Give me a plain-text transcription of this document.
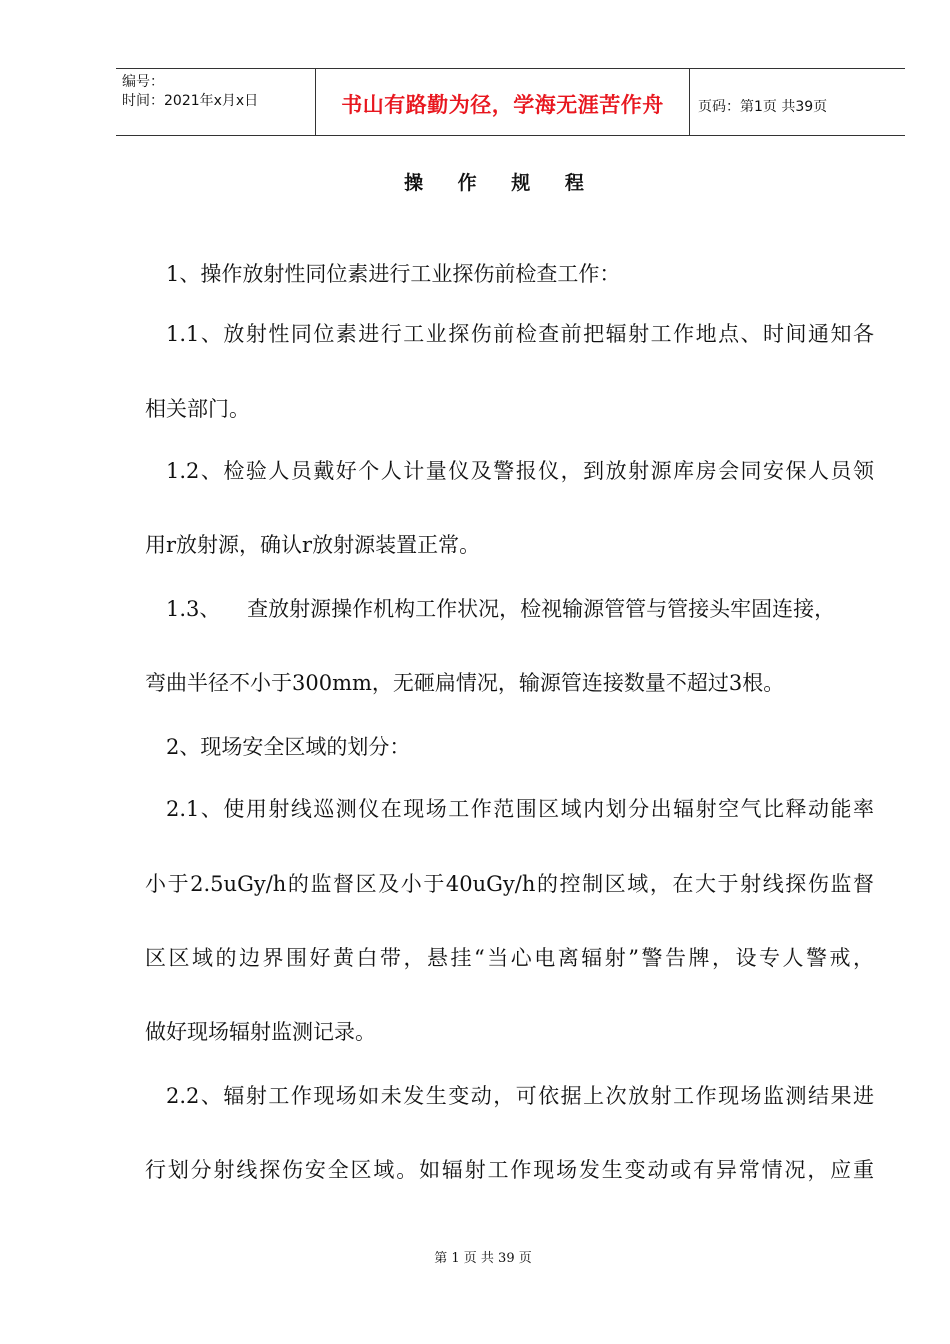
编号：
时间：2021年x月x日	书山有路勤为径，学海无涯苦作舟	页码：第1页 共39页
操 作 规 程
1、操作放射性同位素进行工业探伤前检查工作：
1.1、放射性同位素进行工业探伤前检查前把辐射工作地点、时间通知各
相关部门。
1.2、检验人员戴好个人计量仪及警报仪，到放射源库房会同安保人员领
用r放射源，确认r放射源装置正常。
1.3、    查放射源操作机构工作状况，检视输源管管与管接头牢固连接，
弯曲半径不小于300mm，无砸扁情况，输源管连接数量不超过3根。
2、现场安全区域的划分：
2.1、使用射线巡测仪在现场工作范围区域内划分出辐射空气比释动能率
小于2.5uGy/h的监督区及小于40uGy/h的控制区域，在大于射线探伤监督
区区域的边界围好黄白带，悬挂“当心电离辐射”警告牌，设专人警戒，
做好现场辐射监测记录。
2.2、辐射工作现场如未发生变动，可依据上次放射工作现场监测结果进
行划分射线探伤安全区域。如辐射工作现场发生变动或有异常情况，应重
第 1 页 共 39 页
